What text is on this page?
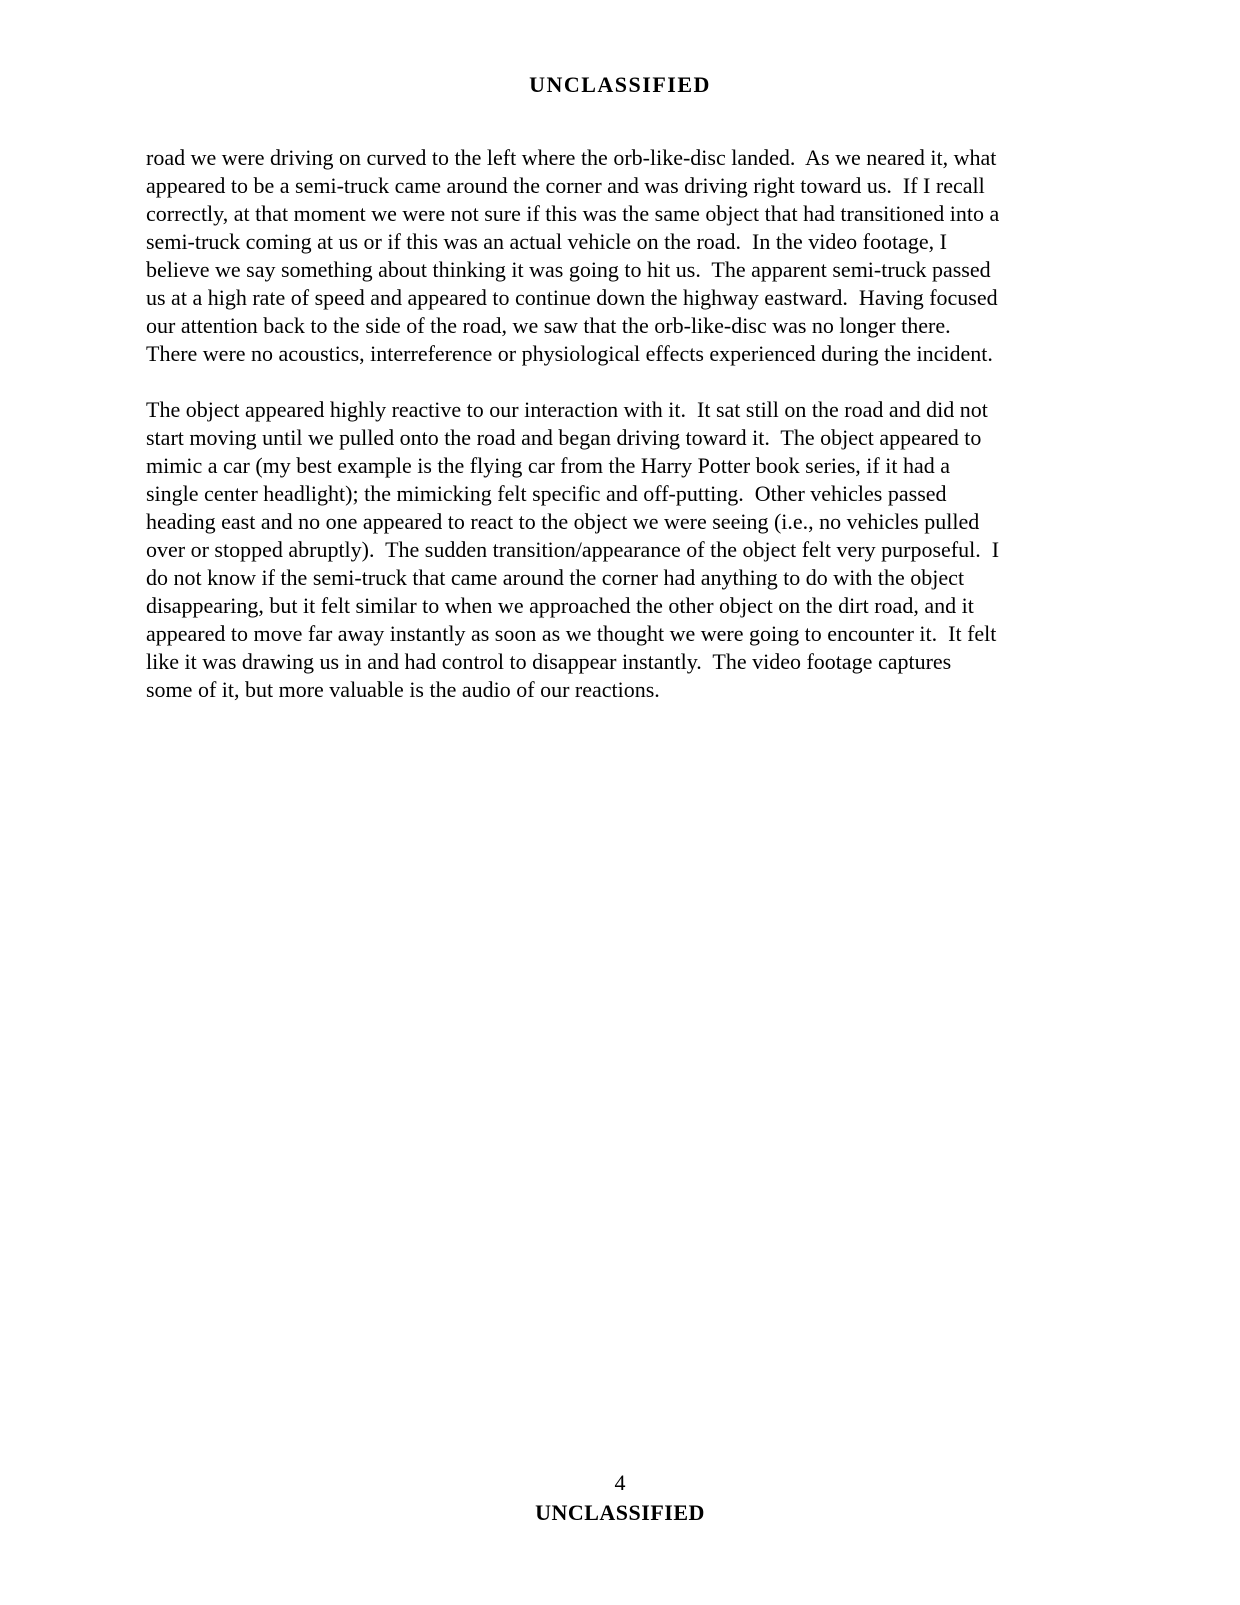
UNCLASSIFIED

road we were driving on curved to the left where the orb-like-disc landed.  As we neared it, what
appeared to be a semi-truck came around the corner and was driving right toward us.  If I recall
correctly, at that moment we were not sure if this was the same object that had transitioned into a
semi-truck coming at us or if this was an actual vehicle on the road.  In the video footage, I
believe we say something about thinking it was going to hit us.  The apparent semi-truck passed
us at a high rate of speed and appeared to continue down the highway eastward.  Having focused
our attention back to the side of the road, we saw that the orb-like-disc was no longer there.
There were no acoustics, interreference or physiological effects experienced during the incident.

The object appeared highly reactive to our interaction with it.  It sat still on the road and did not
start moving until we pulled onto the road and began driving toward it.  The object appeared to
mimic a car (my best example is the flying car from the Harry Potter book series, if it had a
single center headlight); the mimicking felt specific and off-putting.  Other vehicles passed
heading east and no one appeared to react to the object we were seeing (i.e., no vehicles pulled
over or stopped abruptly).  The sudden transition/appearance of the object felt very purposeful.  I
do not know if the semi-truck that came around the corner had anything to do with the object
disappearing, but it felt similar to when we approached the other object on the dirt road, and it
appeared to move far away instantly as soon as we thought we were going to encounter it.  It felt
like it was drawing us in and had control to disappear instantly.  The video footage captures
some of it, but more valuable is the audio of our reactions.

4
UNCLASSIFIED
